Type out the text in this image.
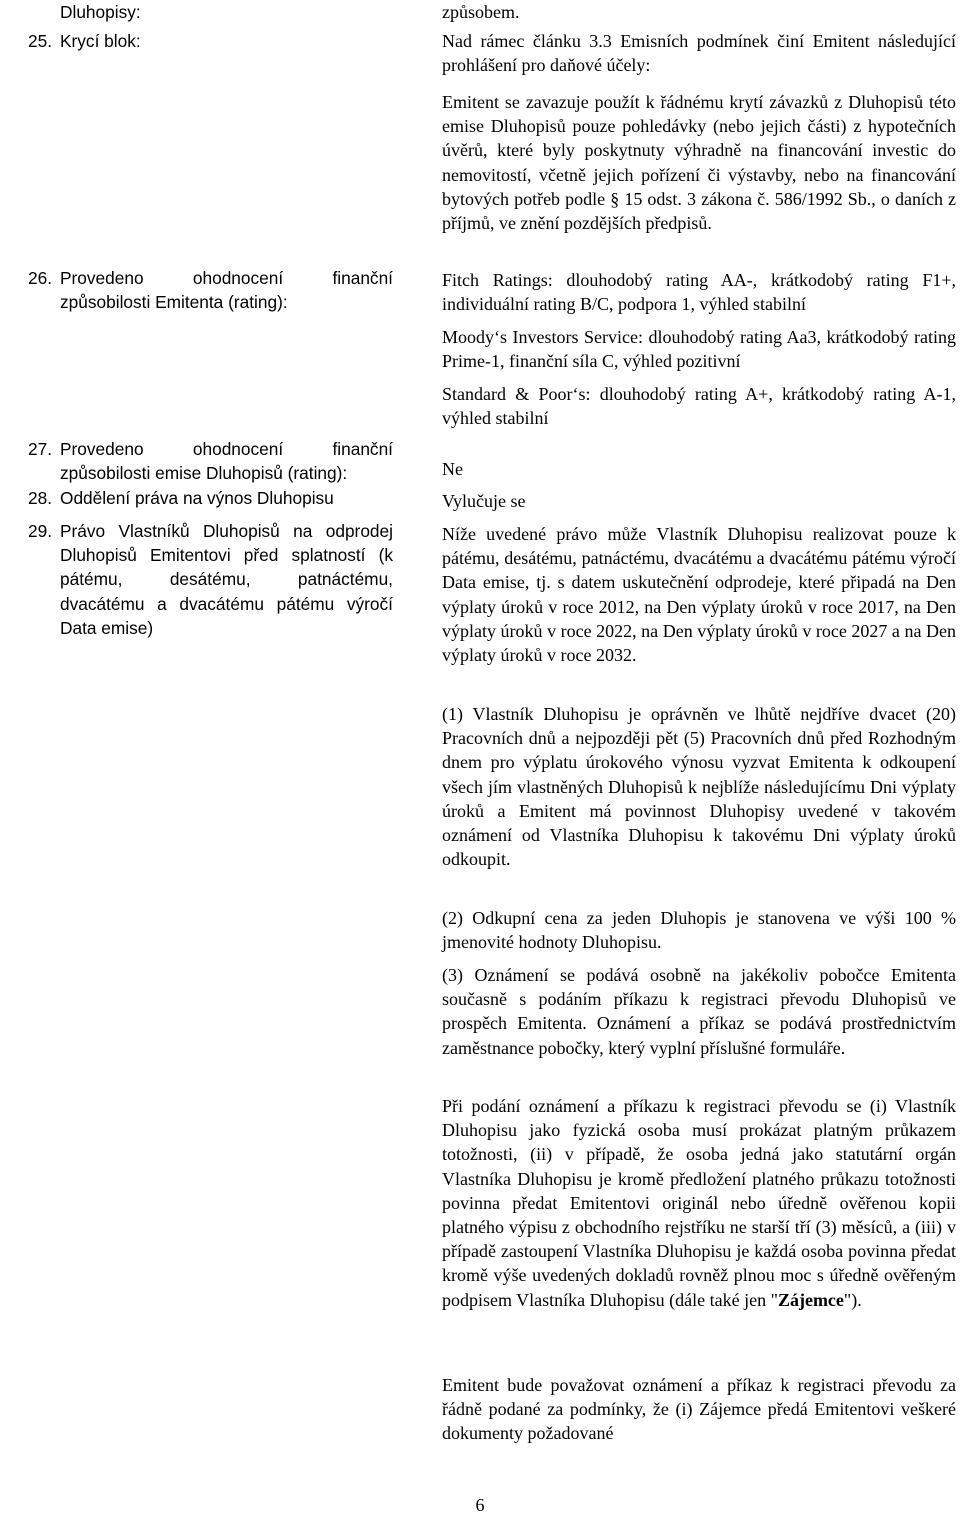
Dluhopisy:
25. Krycí blok:
26. Provedeno ohodnocení finanční způsobilosti Emitenta (rating):
27. Provedeno ohodnocení finanční způsobilosti emise Dluhopisů (rating):
28. Oddělení práva na výnos Dluhopisu
29. Právo Vlastníků Dluhopisů na odprodej Dluhopisů Emitentovi před splatností (k pátému, desátému, patnáctému, dvacátému a dvacátému pátému výročí Data emise)

způsobem.

Nad rámec článku 3.3 Emisních podmínek činí Emitent následující prohlášení pro daňové účely:

Emitent se zavazuje použít k řádnému krytí závazků z Dluhopisů této emise Dluhopisů pouze pohledávky (nebo jejich části) z hypotečních úvěrů, které byly poskytnuty výhradně na financování investic do nemovitostí, včetně jejich pořízení či výstavby, nebo na financování bytových potřeb podle § 15 odst. 3 zákona č. 586/1992 Sb., o daních z příjmů, ve znění pozdějších předpisů.

Fitch Ratings: dlouhodobý rating AA-, krátkodobý rating F1+, individuální rating B/C, podpora 1, výhled stabilní

Moody‘s Investors Service: dlouhodobý rating Aa3, krátkodobý rating Prime-1, finanční síla C, výhled pozitivní

Standard & Poor‘s: dlouhodobý rating A+, krátkodobý rating A-1, výhled stabilní

Ne

Vylučuje se

Níže uvedené právo může Vlastník Dluhopisu realizovat pouze k pátému, desátému, patnáctému, dvacátému a dvacátému pátému výročí Data emise, tj. s datem uskutečnění odprodeje, které připadá na Den výplaty úroků v roce 2012, na Den výplaty úroků v roce 2017, na Den výplaty úroků v roce 2022, na Den výplaty úroků v roce 2027 a na Den výplaty úroků v roce 2032.

(1) Vlastník Dluhopisu je oprávněn ve lhůtě nejdříve dvacet (20) Pracovních dnů a nejpozději pět (5) Pracovních dnů před Rozhodným dnem pro výplatu úrokového výnosu vyzvat Emitenta k odkoupení všech jím vlastněných Dluhopisů k nejblíže následujícímu Dni výplaty úroků a Emitent má povinnost Dluhopisy uvedené v takovém oznámení od Vlastníka Dluhopisu k takovému Dni výplaty úroků odkoupit.

(2) Odkupní cena za jeden Dluhopis je stanovena ve výši 100 % jmenovité hodnoty Dluhopisu.

(3) Oznámení se podává osobně na jakékoliv pobočce Emitenta současně s podáním příkazu k registraci převodu Dluhopisů ve prospěch Emitenta. Oznámení a příkaz se podává prostřednictvím zaměstnance pobočky, který vyplní příslušné formuláře.

Při podání oznámení a příkazu k registraci převodu se (i) Vlastník Dluhopisu jako fyzická osoba musí prokázat platným průkazem totožnosti, (ii) v případě, že osoba jedná jako statutární orgán Vlastníka Dluhopisu je kromě předložení platného průkazu totožnosti povinna předat Emitentovi originál nebo úředně ověřenou kopii platného výpisu z obchodního rejstříku ne starší tří (3) měsíců, a (iii) v případě zastoupení Vlastníka Dluhopisu je každá osoba povinna předat kromě výše uvedených dokladů rovněž plnou moc s úředně ověřeným podpisem Vlastníka Dluhopisu (dále také jen "Zájemce").

Emitent bude považovat oznámení a příkaz k registraci převodu za řádně podané za podmínky, že (i) Zájemce předá Emitentovi veškeré dokumenty požadované

6
